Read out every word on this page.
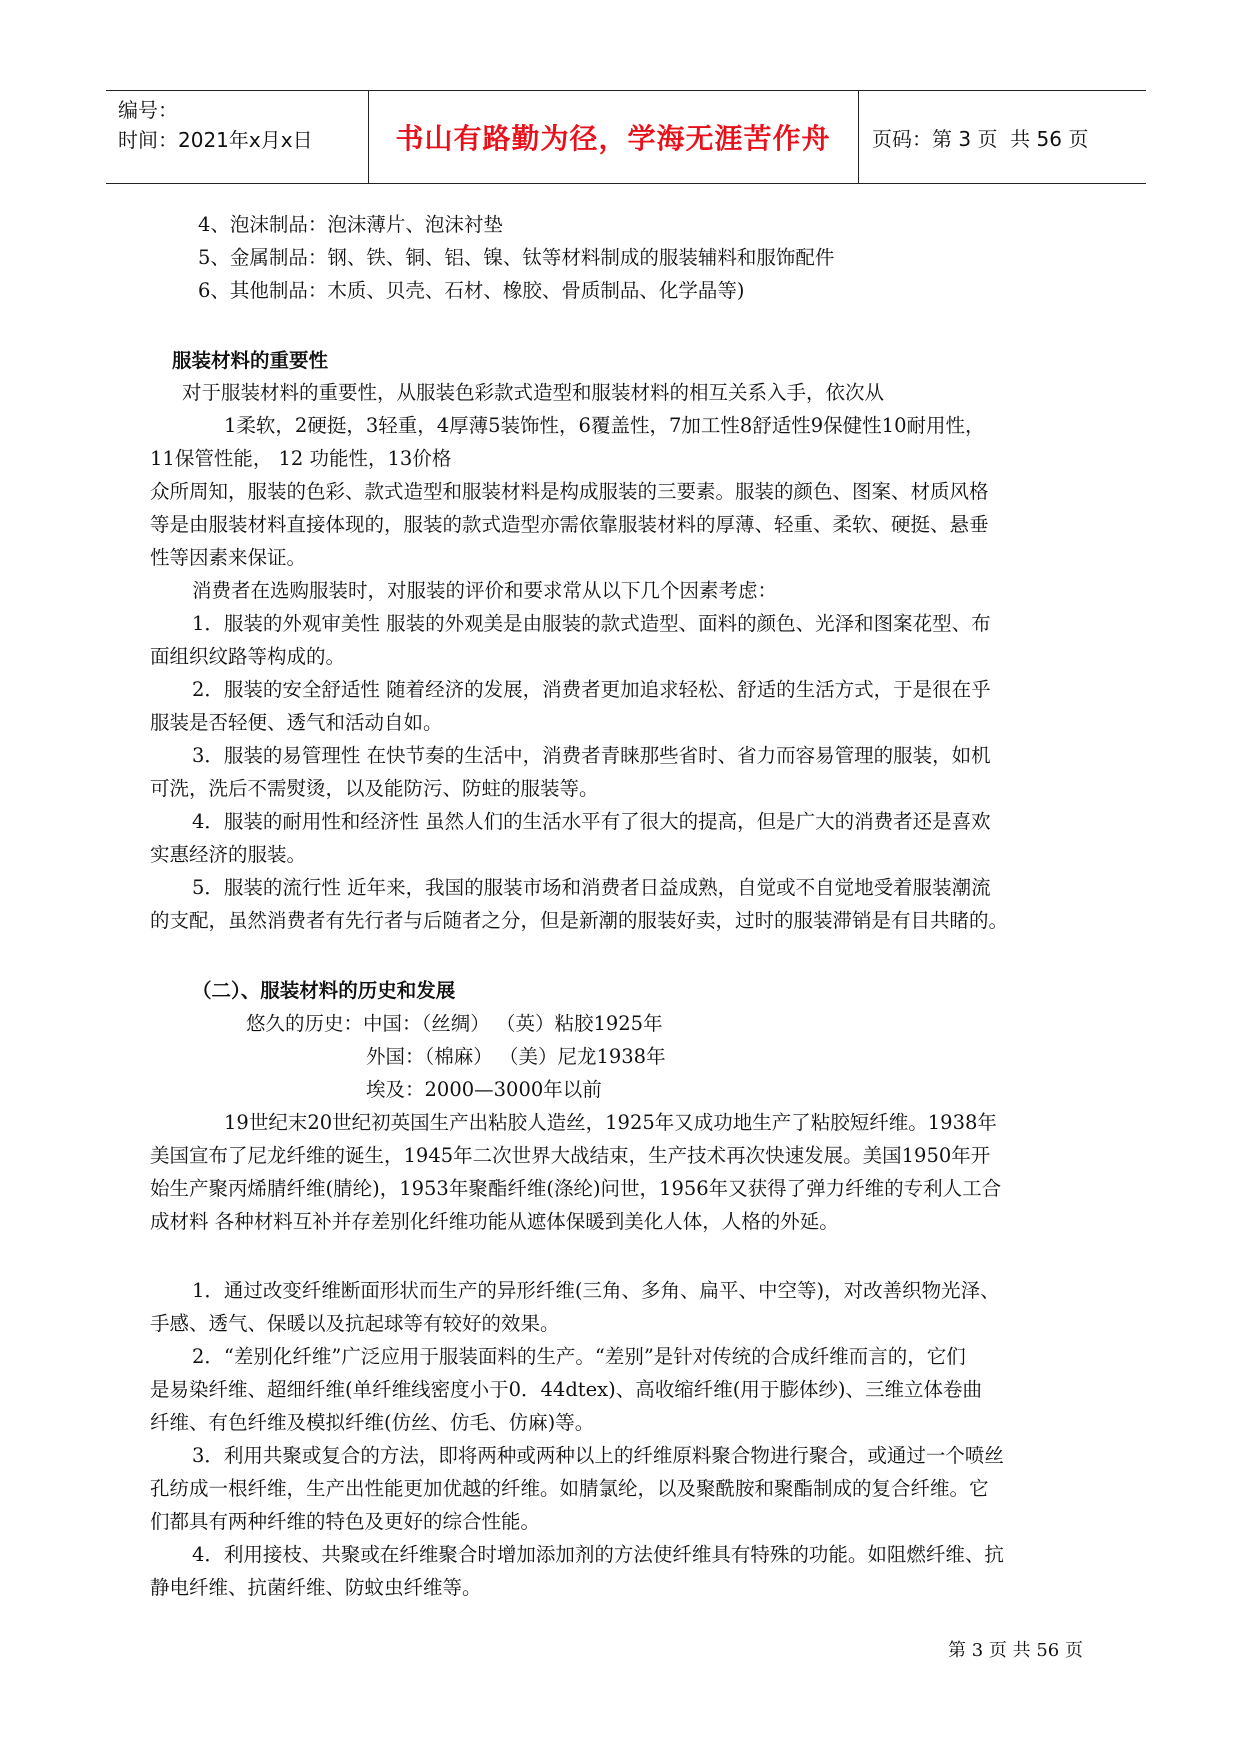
编号：
时间：2021年x月x日	书山有路勤为径，学海无涯苦作舟	页码：第 3 页  共 56 页
4、泡沫制品：泡沫薄片、泡沫衬垫
5、金属制品：钢、铁、铜、铝、镍、钛等材料制成的服装辅料和服饰配件
6、其他制品：木质、贝壳、石材、橡胶、骨质制品、化学晶等)
服装材料的重要性
对于服装材料的重要性，从服装色彩款式造型和服装材料的相互关系入手，依次从
1柔软，2硬挺，3轻重，4厚薄5装饰性，6覆盖性，7加工性8舒适性9保健性10耐用性，
11保管性能， 12 功能性，13价格
众所周知，服装的色彩、款式造型和服装材料是构成服装的三要素。服装的颜色、图案、材质风格
等是由服装材料直接体现的，服装的款式造型亦需依靠服装材料的厚薄、轻重、柔软、硬挺、悬垂
性等因素来保证。
消费者在选购服装时，对服装的评价和要求常从以下几个因素考虑：
1．服装的外观审美性 服装的外观美是由服装的款式造型、面料的颜色、光泽和图案花型、布
面组织纹路等构成的。
2．服装的安全舒适性 随着经济的发展，消费者更加追求轻松、舒适的生活方式，于是很在乎
服装是否轻便、透气和活动自如。
3．服装的易管理性 在快节奏的生活中，消费者青睐那些省时、省力而容易管理的服装，如机
可洗，洗后不需熨烫，以及能防污、防蛀的服装等。
4．服装的耐用性和经济性 虽然人们的生活水平有了很大的提高，但是广大的消费者还是喜欢
实惠经济的服装。
5．服装的流行性 近年来，我国的服装市场和消费者日益成熟，自觉或不自觉地受着服装潮流
的支配，虽然消费者有先行者与后随者之分，但是新潮的服装好卖，过时的服装滞销是有目共睹的。
（二）、服装材料的历史和发展
悠久的历史：中国：（丝绸） （英）粘胶1925年
外国：（棉麻） （美）尼龙1938年
埃及：2000—3000年以前
19世纪末20世纪初英国生产出粘胶人造丝，1925年又成功地生产了粘胶短纤维。1938年
美国宣布了尼龙纤维的诞生，1945年二次世界大战结束，生产技术再次快速发展。美国1950年开
始生产聚丙烯腈纤维(腈纶)，1953年聚酯纤维(涤纶)问世，1956年又获得了弹力纤维的专利人工合
成材料 各种材料互补并存差别化纤维功能从遮体保暖到美化人体，人格的外延。
1．通过改变纤维断面形状而生产的异形纤维(三角、多角、扁平、中空等)，对改善织物光泽、
手感、透气、保暖以及抗起球等有较好的效果。
2．“差别化纤维”广泛应用于服装面料的生产。“差别”是针对传统的合成纤维而言的，它们
是易染纤维、超细纤维(单纤维线密度小于0．44dtex)、高收缩纤维(用于膨体纱)、三维立体卷曲
纤维、有色纤维及模拟纤维(仿丝、仿毛、仿麻)等。
3．利用共聚或复合的方法，即将两种或两种以上的纤维原料聚合物进行聚合，或通过一个喷丝
孔纺成一根纤维，生产出性能更加优越的纤维。如腈氯纶，以及聚酰胺和聚酯制成的复合纤维。它
们都具有两种纤维的特色及更好的综合性能。
4．利用接枝、共聚或在纤维聚合时增加添加剂的方法使纤维具有特殊的功能。如阻燃纤维、抗
静电纤维、抗菌纤维、防蚊虫纤维等。
第 3 页 共 56 页
